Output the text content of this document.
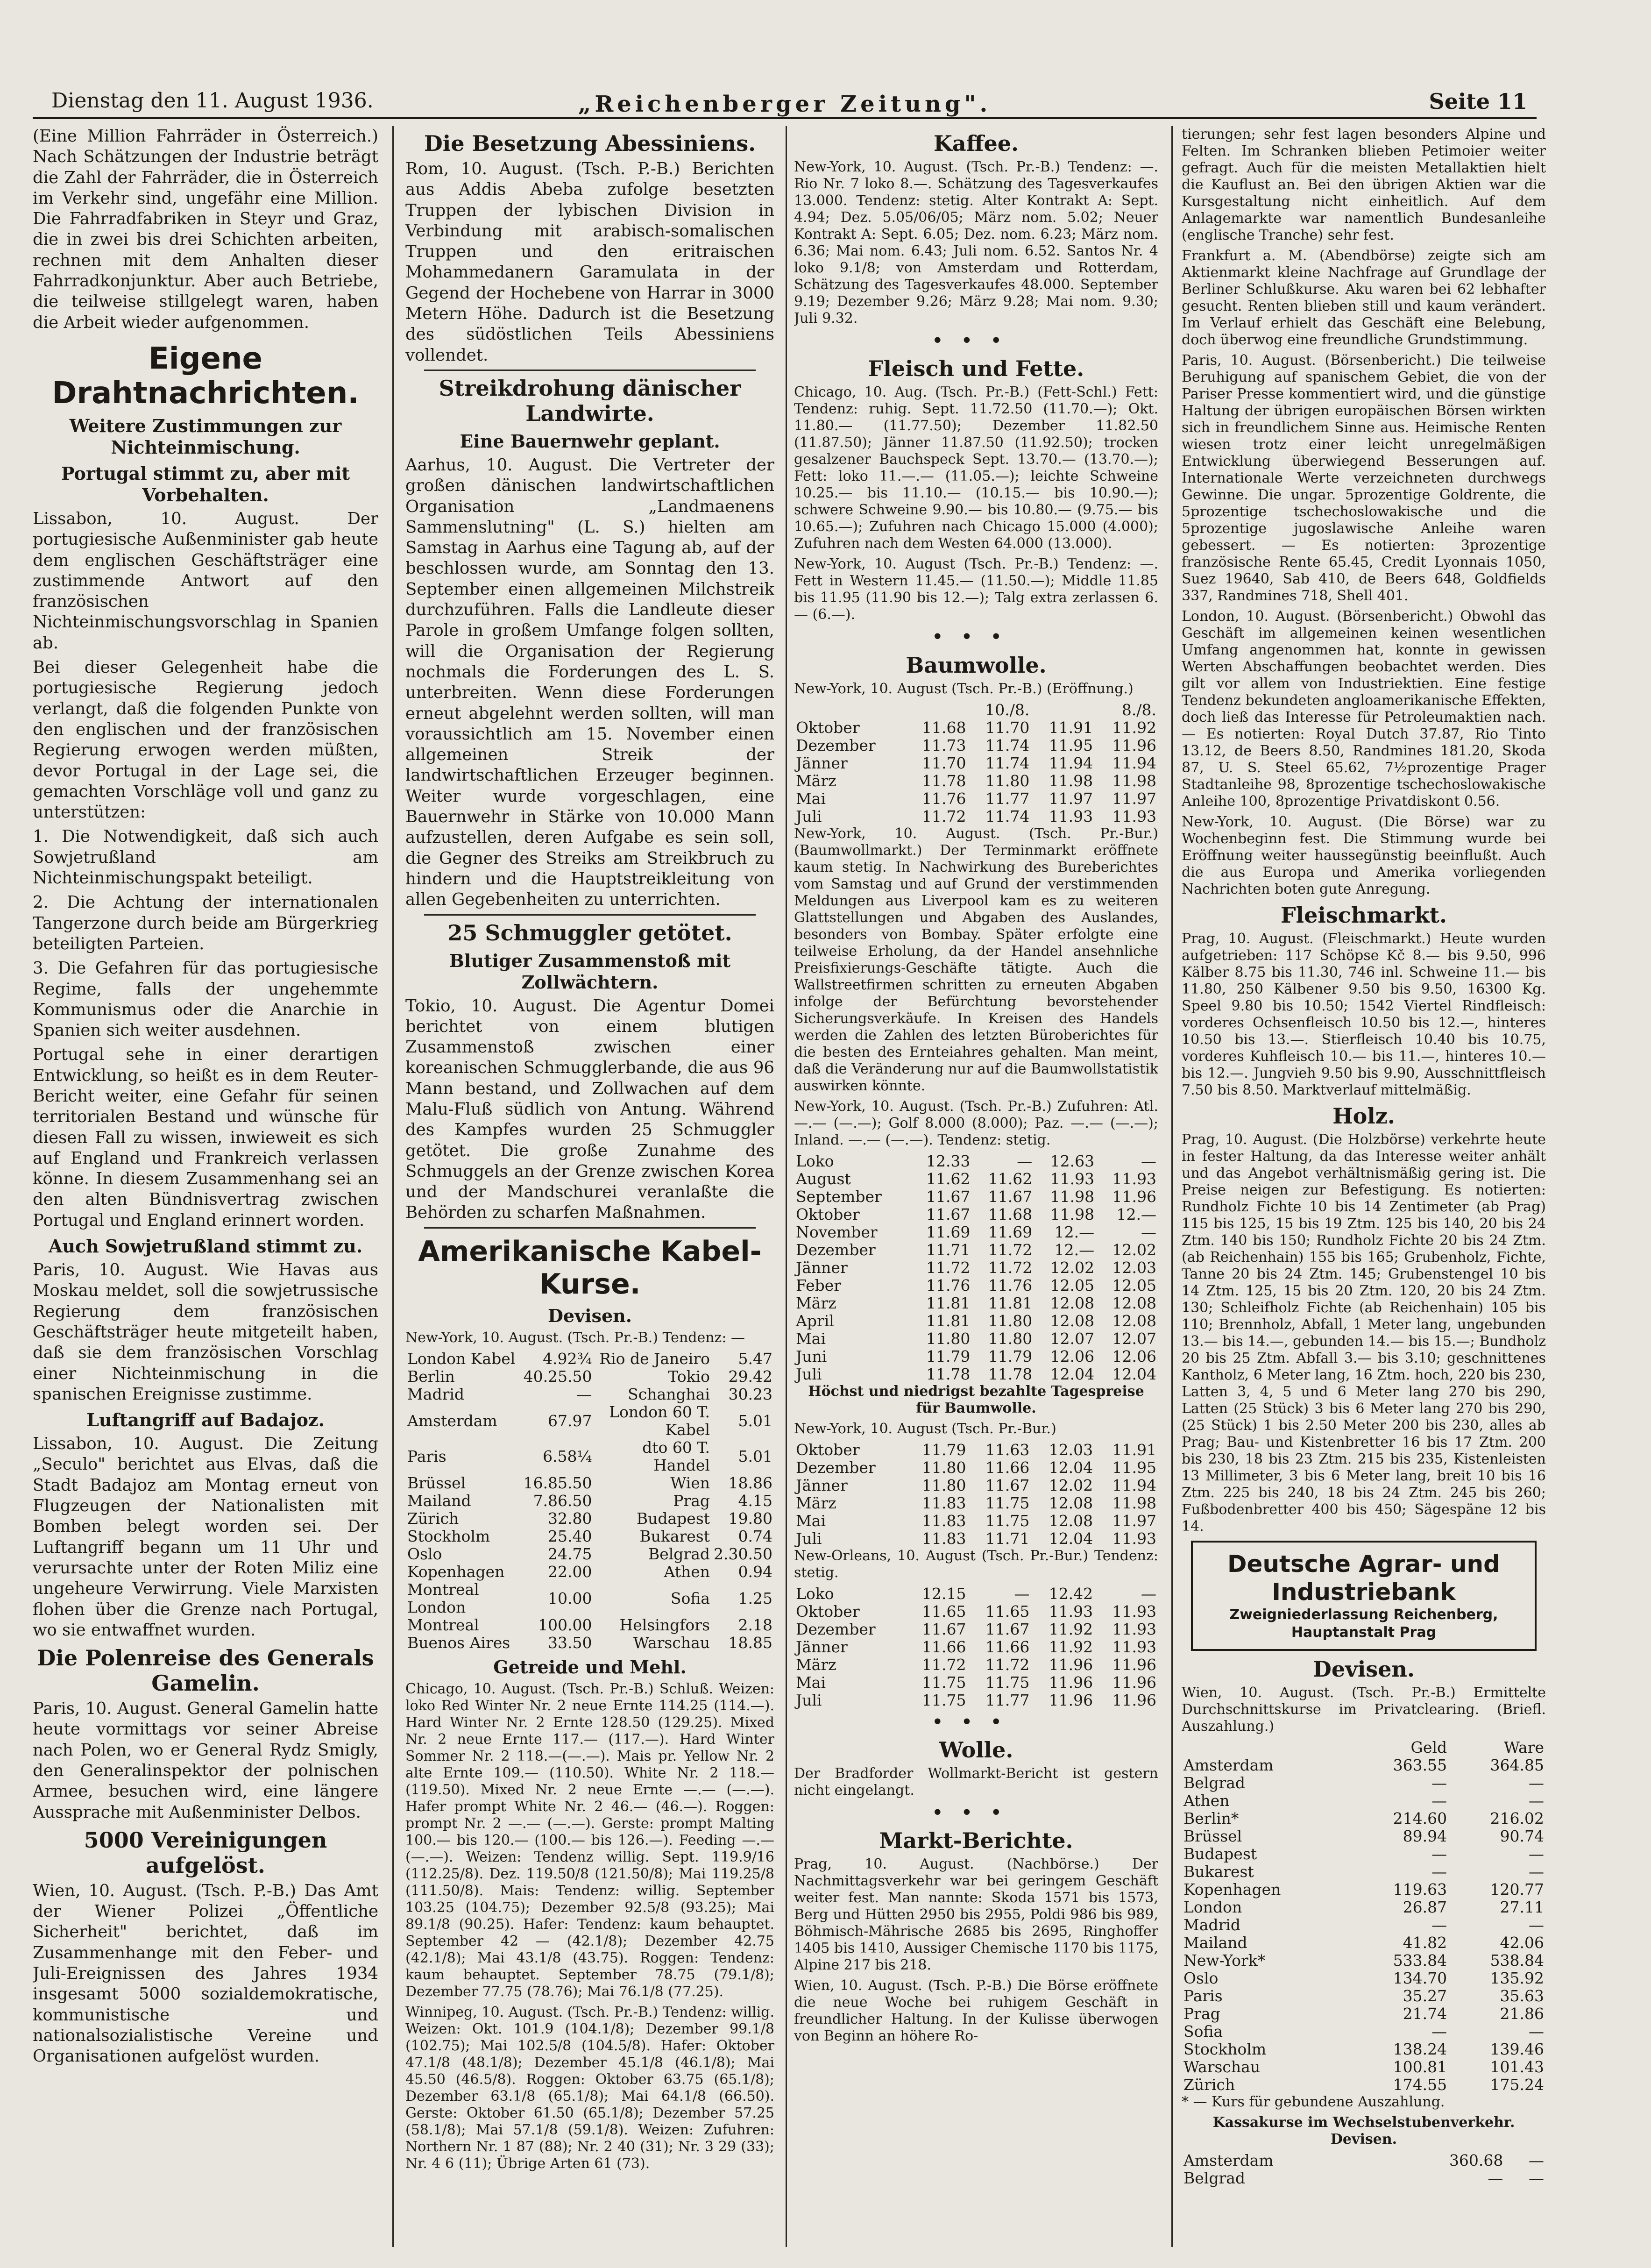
Dienstag den 11. August 1936.	„Reichenberger Zeitung".	Seite 11

(Eine Million Fahrräder in Österreich.) Nach Schätzungen der Industrie beträgt die Zahl der Fahrräder, die in Österreich im Verkehr sind, ungefähr eine Million. Die Fahrradfabriken in Steyr und Graz, die in zwei bis drei Schichten arbeiten, rechnen mit dem Anhalten dieser Fahrradkonjunktur. Aber auch Betriebe, die teilweise stillgelegt waren, haben die Arbeit wieder aufgenommen.

Eigene Drahtnachrichten.
Weitere Zustimmungen zur Nichteinmischung.
Portugal stimmt zu, aber mit Vorbehalten.

Lissabon, 10. August. Der portugiesische Außenminister gab heute dem englischen Geschäftsträger eine zustimmende Antwort auf den französischen Nichteinmischungsvorschlag in Spanien ab.

Bei dieser Gelegenheit habe die portugiesische Regierung jedoch verlangt, daß die folgenden Punkte von den englischen und der französischen Regierung erwogen werden müßten, devor Portugal in der Lage sei, die gemachten Vorschläge voll und ganz zu unterstützen:

1. Die Notwendigkeit, daß sich auch Sowjetrußland am Nichteinmischungspakt beteiligt.

2. Die Achtung der internationalen Tangerzone durch beide am Bürgerkrieg beteiligten Parteien.

3. Die Gefahren für das portugiesische Regime, falls der ungehemmte Kommunismus oder die Anarchie in Spanien sich weiter ausdehnen.

Portugal sehe in einer derartigen Entwicklung, so heißt es in dem Reuter-Bericht weiter, eine Gefahr für seinen territorialen Bestand und wünsche für diesen Fall zu wissen, inwieweit es sich auf England und Frankreich verlassen könne. In diesem Zusammenhang sei an den alten Bündnisvertrag zwischen Portugal und England erinnert worden.

Auch Sowjetrußland stimmt zu.

Paris, 10. August. Wie Havas aus Moskau meldet, soll die sowjetrussische Regierung dem französischen Geschäftsträger heute mitgeteilt haben, daß sie dem französischen Vorschlag einer Nichteinmischung in die spanischen Ereignisse zustimme.

Luftangriff auf Badajoz.

Lissabon, 10. August. Die Zeitung „Seculo" berichtet aus Elvas, daß die Stadt Badajoz am Montag erneut von Flugzeugen der Nationalisten mit Bomben belegt worden sei. Der Luftangriff begann um 11 Uhr und verursachte unter der Roten Miliz eine ungeheure Verwirrung. Viele Marxisten flohen über die Grenze nach Portugal, wo sie entwaffnet wurden.

Die Polenreise des Generals Gamelin.

Paris, 10. August. General Gamelin hatte heute vormittags vor seiner Abreise nach Polen, wo er General Rydz Smigly, den Generalinspektor der polnischen Armee, besuchen wird, eine längere Aussprache mit Außenminister Delbos.

5000 Vereinigungen aufgelöst.

Wien, 10. August. (Tsch. P.-B.) Das Amt der Wiener Polizei „Öffentliche Sicherheit" berichtet, daß im Zusammenhange mit den Feber- und Juli-Ereignissen des Jahres 1934 insgesamt 5000 sozialdemokratische, kommunistische und nationalsozialistische Vereine und Organisationen aufgelöst wurden.

Die Besetzung Abessiniens.

Rom, 10. August. (Tsch. P.-B.) Berichten aus Addis Abeba zufolge besetzten Truppen der lybischen Division in Verbindung mit arabisch-somalischen Truppen und den eritraischen Mohammedanern Garamulata in der Gegend der Hochebene von Harrar in 3000 Metern Höhe. Dadurch ist die Besetzung des südöstlichen Teils Abessiniens vollendet.

Streikdrohung dänischer Landwirte.
Eine Bauernwehr geplant.

Aarhus, 10. August. Die Vertreter der großen dänischen landwirtschaftlichen Organisation „Landmaenens Sammenslutning" (L. S.) hielten am Samstag in Aarhus eine Tagung ab, auf der beschlossen wurde, am Sonntag den 13. September einen allgemeinen Milchstreik durchzuführen. Falls die Landleute dieser Parole in großem Umfange folgen sollten, will die Organisation der Regierung nochmals die Forderungen des L. S. unterbreiten. Wenn diese Forderungen erneut abgelehnt werden sollten, will man voraussichtlich am 15. November einen allgemeinen Streik der landwirtschaftlichen Erzeuger beginnen. Weiter wurde vorgeschlagen, eine Bauernwehr in Stärke von 10.000 Mann aufzustellen, deren Aufgabe es sein soll, die Gegner des Streiks am Streikbruch zu hindern und die Hauptstreikleitung von allen Gegebenheiten zu unterrichten.

25 Schmuggler getötet.
Blutiger Zusammenstoß mit Zollwächtern.

Tokio, 10. August. Die Agentur Domei berichtet von einem blutigen Zusammenstoß zwischen einer koreanischen Schmugglerbande, die aus 96 Mann bestand, und Zollwachen auf dem Malu-Fluß südlich von Antung. Während des Kampfes wurden 25 Schmuggler getötet. Die große Zunahme des Schmuggels an der Grenze zwischen Korea und der Mandschurei veranlaßte die Behörden zu scharfen Maßnahmen.

Amerikanische Kabel-Kurse.
Devisen.

New-York, 10. August. (Tsch. Pr.-B.) Tendenz: —

London Kabel	4.92¾	Rio de Janeiro	5.47
Berlin	40.25.50	Tokio	29.42
Madrid	—	Schanghai	30.23
Amsterdam	67.97	London 60 T. Kabel	5.01
Paris	6.58¼	dto 60 T. Handel	5.01
Brüssel	16.85.50	Wien	18.86
Mailand	7.86.50	Prag	4.15
Zürich	32.80	Budapest	19.80
Stockholm	25.40	Bukarest	0.74
Oslo	24.75	Belgrad	2.30.50
Kopenhagen	22.00	Athen	0.94
Montreal London	10.00	Sofia	1.25
Montreal	100.00	Helsingfors	2.18
Buenos Aires	33.50	Warschau	18.85
Getreide und Mehl.

Chicago, 10. August. (Tsch. Pr.-B.) Schluß. Weizen: loko Red Winter Nr. 2 neue Ernte 114.25 (114.—). Hard Winter Nr. 2 Ernte 128.50 (129.25). Mixed Nr. 2 neue Ernte 117.— (117.—). Hard Winter Sommer Nr. 2 118.—(—.—). Mais pr. Yellow Nr. 2 alte Ernte 109.— (110.50). White Nr. 2 118.— (119.50). Mixed Nr. 2 neue Ernte —.— (—.—). Hafer prompt White Nr. 2 46.— (46.—). Roggen: prompt Nr. 2 —.— (—.—). Gerste: prompt Malting 100.— bis 120.— (100.— bis 126.—). Feeding —.— (—.—). Weizen: Tendenz willig. Sept. 119.9/16 (112.25/8). Dez. 119.50/8 (121.50/8); Mai 119.25/8 (111.50/8). Mais: Tendenz: willig. September 103.25 (104.75); Dezember 92.5/8 (93.25); Mai 89.1/8 (90.25). Hafer: Tendenz: kaum behauptet. September 42 — (42.1/8); Dezember 42.75 (42.1/8); Mai 43.1/8 (43.75). Roggen: Tendenz: kaum behauptet. September 78.75 (79.1/8); Dezember 77.75 (78.76); Mai 76.1/8 (77.25).

Winnipeg, 10. August. (Tsch. Pr.-B.) Tendenz: willig. Weizen: Okt. 101.9 (104.1/8); Dezember 99.1/8 (102.75); Mai 102.5/8 (104.5/8). Hafer: Oktober 47.1/8 (48.1/8); Dezember 45.1/8 (46.1/8); Mai 45.50 (46.5/8). Roggen: Oktober 63.75 (65.1/8); Dezember 63.1/8 (65.1/8); Mai 64.1/8 (66.50). Gerste: Oktober 61.50 (65.1/8); Dezember 57.25 (58.1/8); Mai 57.1/8 (59.1/8). Weizen: Zufuhren: Northern Nr. 1 87 (88); Nr. 2 40 (31); Nr. 3 29 (33); Nr. 4 6 (11); Übrige Arten 61 (73).

Kaffee.

New-York, 10. August. (Tsch. Pr.-B.) Tendenz: —. Rio Nr. 7 loko 8.—. Schätzung des Tagesverkaufes 13.000. Tendenz: stetig. Alter Kontrakt A: Sept. 4.94; Dez. 5.05/06/05; März nom. 5.02; Neuer Kontrakt A: Sept. 6.05; Dez. nom. 6.23; März nom. 6.36; Mai nom. 6.43; Juli nom. 6.52. Santos Nr. 4 loko 9.1/8; von Amsterdam und Rotterdam, Schätzung des Tagesverkaufes 48.000. September 9.19; Dezember 9.26; März 9.28; Mai nom. 9.30; Juli 9.32.

•••
Fleisch und Fette.

Chicago, 10. Aug. (Tsch. Pr.-B.) (Fett-Schl.) Fett: Tendenz: ruhig. Sept. 11.72.50 (11.70.—); Okt. 11.80.— (11.77.50); Dezember 11.82.50 (11.87.50); Jänner 11.87.50 (11.92.50); trocken gesalzener Bauchspeck Sept. 13.70.— (13.70.—); Fett: loko 11.—.— (11.05.—); leichte Schweine 10.25.— bis 11.10.— (10.15.— bis 10.90.—); schwere Schweine 9.90.— bis 10.80.— (9.75.— bis 10.65.—); Zufuhren nach Chicago 15.000 (4.000); Zufuhren nach dem Westen 64.000 (13.000).

New-York, 10. August (Tsch. Pr.-B.) Tendenz: —. Fett in Western 11.45.— (11.50.—); Middle 11.85 bis 11.95 (11.90 bis 12.—); Talg extra zerlassen 6.— (6.—).

•••
Baumwolle.

New-York, 10. August (Tsch. Pr.-B.) (Eröffnung.)

	10./8.		8./8.	
Oktober	11.68	11.70	11.91	11.92
Dezember	11.73	11.74	11.95	11.96
Jänner	11.70	11.74	11.94	11.94
März	11.78	11.80	11.98	11.98
Mai	11.76	11.77	11.97	11.97
Juli	11.72	11.74	11.93	11.93

New-York, 10. August. (Tsch. Pr.-Bur.) (Baumwollmarkt.) Der Terminmarkt eröffnete kaum stetig. In Nachwirkung des Bureberichtes vom Samstag und auf Grund der verstimmenden Meldungen aus Liverpool kam es zu weiteren Glattstellungen und Abgaben des Auslandes, besonders von Bombay. Später erfolgte eine teilweise Erholung, da der Handel ansehnliche Preisfixierungs-Geschäfte tätigte. Auch die Wallstreetfirmen schritten zu erneuten Abgaben infolge der Befürchtung bevorstehender Sicherungsverkäufe. In Kreisen des Handels werden die Zahlen des letzten Büroberichtes für die besten des Ernteiahres gehalten. Man meint, daß die Veränderung nur auf die Baumwollstatistik auswirken könnte.

New-York, 10. August. (Tsch. Pr.-B.) Zufuhren: Atl. —.— (—.—); Golf 8.000 (8.000); Paz. —.— (—.—); Inland. —.— (—.—). Tendenz: stetig.

Loko	12.33	—	12.63	—
August	11.62	11.62	11.93	11.93
September	11.67	11.67	11.98	11.96
Oktober	11.67	11.68	11.98	12.—
November	11.69	11.69	12.—	—
Dezember	11.71	11.72	12.—	12.02
Jänner	11.72	11.72	12.02	12.03
Feber	11.76	11.76	12.05	12.05
März	11.81	11.81	12.08	12.08
April	11.81	11.80	12.08	12.08
Mai	11.80	11.80	12.07	12.07
Juni	11.79	11.79	12.06	12.06
Juli	11.78	11.78	12.04	12.04

Höchst und niedrigst bezahlte Tagespreise für Baumwolle.

New-York, 10. August (Tsch. Pr.-Bur.)

Oktober	11.79	11.63	12.03	11.91
Dezember	11.80	11.66	12.04	11.95
Jänner	11.80	11.67	12.02	11.94
März	11.83	11.75	12.08	11.98
Mai	11.83	11.75	12.08	11.97
Juli	11.83	11.71	12.04	11.93

New-Orleans, 10. August (Tsch. Pr.-Bur.) Tendenz: stetig.

Loko	12.15	—	12.42	—
Oktober	11.65	11.65	11.93	11.93
Dezember	11.67	11.67	11.92	11.93
Jänner	11.66	11.66	11.92	11.93
März	11.72	11.72	11.96	11.96
Mai	11.75	11.75	11.96	11.96
Juli	11.75	11.77	11.96	11.96
•••
Wolle.

Der Bradforder Wollmarkt-Bericht ist gestern nicht eingelangt.

•••
Markt-Berichte.

Prag, 10. August. (Nachbörse.) Der Nachmittagsverkehr war bei geringem Geschäft weiter fest. Man nannte: Skoda 1571 bis 1573, Berg und Hütten 2950 bis 2955, Poldi 986 bis 989, Böhmisch-Mährische 2685 bis 2695, Ringhoffer 1405 bis 1410, Aussiger Chemische 1170 bis 1175, Alpine 217 bis 218.

Wien, 10. August. (Tsch. P.-B.) Die Börse eröffnete die neue Woche bei ruhigem Geschäft in freundlicher Haltung. In der Kulisse überwogen von Beginn an höhere Ro-

tierungen; sehr fest lagen besonders Alpine und Felten. Im Schranken blieben Petimoier weiter gefragt. Auch für die meisten Metallaktien hielt die Kauflust an. Bei den übrigen Aktien war die Kursgestaltung nicht einheitlich. Auf dem Anlagemarkte war namentlich Bundesanleihe (englische Tranche) sehr fest.

Frankfurt a. M. (Abendbörse) zeigte sich am Aktienmarkt kleine Nachfrage auf Grundlage der Berliner Schlußkurse. Aku waren bei 62 lebhafter gesucht. Renten blieben still und kaum verändert. Im Verlauf erhielt das Geschäft eine Belebung, doch überwog eine freundliche Grundstimmung.

Paris, 10. August. (Börsenbericht.) Die teilweise Beruhigung auf spanischem Gebiet, die von der Pariser Presse kommentiert wird, und die günstige Haltung der übrigen europäischen Börsen wirkten sich in freundlichem Sinne aus. Heimische Renten wiesen trotz einer leicht unregelmäßigen Entwicklung überwiegend Besserungen auf. Internationale Werte verzeichneten durchwegs Gewinne. Die ungar. 5prozentige Goldrente, die 5prozentige tschechoslowakische und die 5prozentige jugoslawische Anleihe waren gebessert. — Es notierten: 3prozentige französische Rente 65.45, Credit Lyonnais 1050, Suez 19640, Sab 410, de Beers 648, Goldfields 337, Randmines 718, Shell 401.

London, 10. August. (Börsenbericht.) Obwohl das Geschäft im allgemeinen keinen wesentlichen Umfang angenommen hat, konnte in gewissen Werten Abschaffungen beobachtet werden. Dies gilt vor allem von Industriektien. Eine festige Tendenz bekundeten angloamerikanische Effekten, doch ließ das Interesse für Petroleumaktien nach. — Es notierten: Royal Dutch 37.87, Rio Tinto 13.12, de Beers 8.50, Randmines 181.20, Skoda 87, U. S. Steel 65.62, 7½prozentige Prager Stadtanleihe 98, 8prozentige tschechoslowakische Anleihe 100, 8prozentige Privatdiskont 0.56.

New-York, 10. August. (Die Börse) war zu Wochenbeginn fest. Die Stimmung wurde bei Eröffnung weiter haussegünstig beeinflußt. Auch die aus Europa und Amerika vorliegenden Nachrichten boten gute Anregung.

Fleischmarkt.

Prag, 10. August. (Fleischmarkt.) Heute wurden aufgetrieben: 117 Schöpse Kč 8.— bis 9.50, 996 Kälber 8.75 bis 11.30, 746 inl. Schweine 11.— bis 11.80, 250 Kälbener 9.50 bis 9.50, 16300 Kg. Speel 9.80 bis 10.50; 1542 Viertel Rindfleisch: vorderes Ochsenfleisch 10.50 bis 12.—, hinteres 10.50 bis 13.—. Stierfleisch 10.40 bis 10.75, vorderes Kuhfleisch 10.— bis 11.—, hinteres 10.— bis 12.—. Jungvieh 9.50 bis 9.90, Ausschnittfleisch 7.50 bis 8.50. Marktverlauf mittelmäßig.

Holz.

Prag, 10. August. (Die Holzbörse) verkehrte heute in fester Haltung, da das Interesse weiter anhält und das Angebot verhältnismäßig gering ist. Die Preise neigen zur Befestigung. Es notierten: Rundholz Fichte 10 bis 14 Zentimeter (ab Prag) 115 bis 125, 15 bis 19 Ztm. 125 bis 140, 20 bis 24 Ztm. 140 bis 150; Rundholz Fichte 20 bis 24 Ztm. (ab Reichenhain) 155 bis 165; Grubenholz, Fichte, Tanne 20 bis 24 Ztm. 145; Grubenstengel 10 bis 14 Ztm. 125, 15 bis 20 Ztm. 120, 20 bis 24 Ztm. 130; Schleifholz Fichte (ab Reichenhain) 105 bis 110; Brennholz, Abfall, 1 Meter lang, ungebunden 13.— bis 14.—, gebunden 14.— bis 15.—; Bundholz 20 bis 25 Ztm. Abfall 3.— bis 3.10; geschnittenes Kantholz, 6 Meter lang, 16 Ztm. hoch, 220 bis 230, Latten 3, 4, 5 und 6 Meter lang 270 bis 290, Latten (25 Stück) 3 bis 6 Meter lang 270 bis 290, (25 Stück) 1 bis 2.50 Meter 200 bis 230, alles ab Prag; Bau- und Kistenbretter 16 bis 17 Ztm. 200 bis 230, 18 bis 23 Ztm. 215 bis 235, Kistenleisten 13 Millimeter, 3 bis 6 Meter lang, breit 10 bis 16 Ztm. 225 bis 240, 18 bis 24 Ztm. 245 bis 260; Fußbodenbretter 400 bis 450; Sägespäne 12 bis 14.

Deutsche Agrar- und Industriebank
Zweigniederlassung Reichenberg, Hauptanstalt Prag
Devisen.

Wien, 10. August. (Tsch. Pr.-B.) Ermittelte Durchschnittskurse im Privatclearing. (Briefl. Auszahlung.)

	Geld	Ware
Amsterdam	363.55	364.85
Belgrad	—	—
Athen	—	—
Berlin*	214.60	216.02
Brüssel	89.94	90.74
Budapest	—	—
Bukarest	—	—
Kopenhagen	119.63	120.77
London	26.87	27.11
Madrid	—	—
Mailand	41.82	42.06
New-York*	533.84	538.84
Oslo	134.70	135.92
Paris	35.27	35.63
Prag	21.74	21.86
Sofia	—	—
Stockholm	138.24	139.46
Warschau	100.81	101.43
Zürich	174.55	175.24

* — Kurs für gebundene Auszahlung.

Kassakurse im Wechselstubenverkehr. Devisen.

Amsterdam	360.68	—
Belgrad	—	—
